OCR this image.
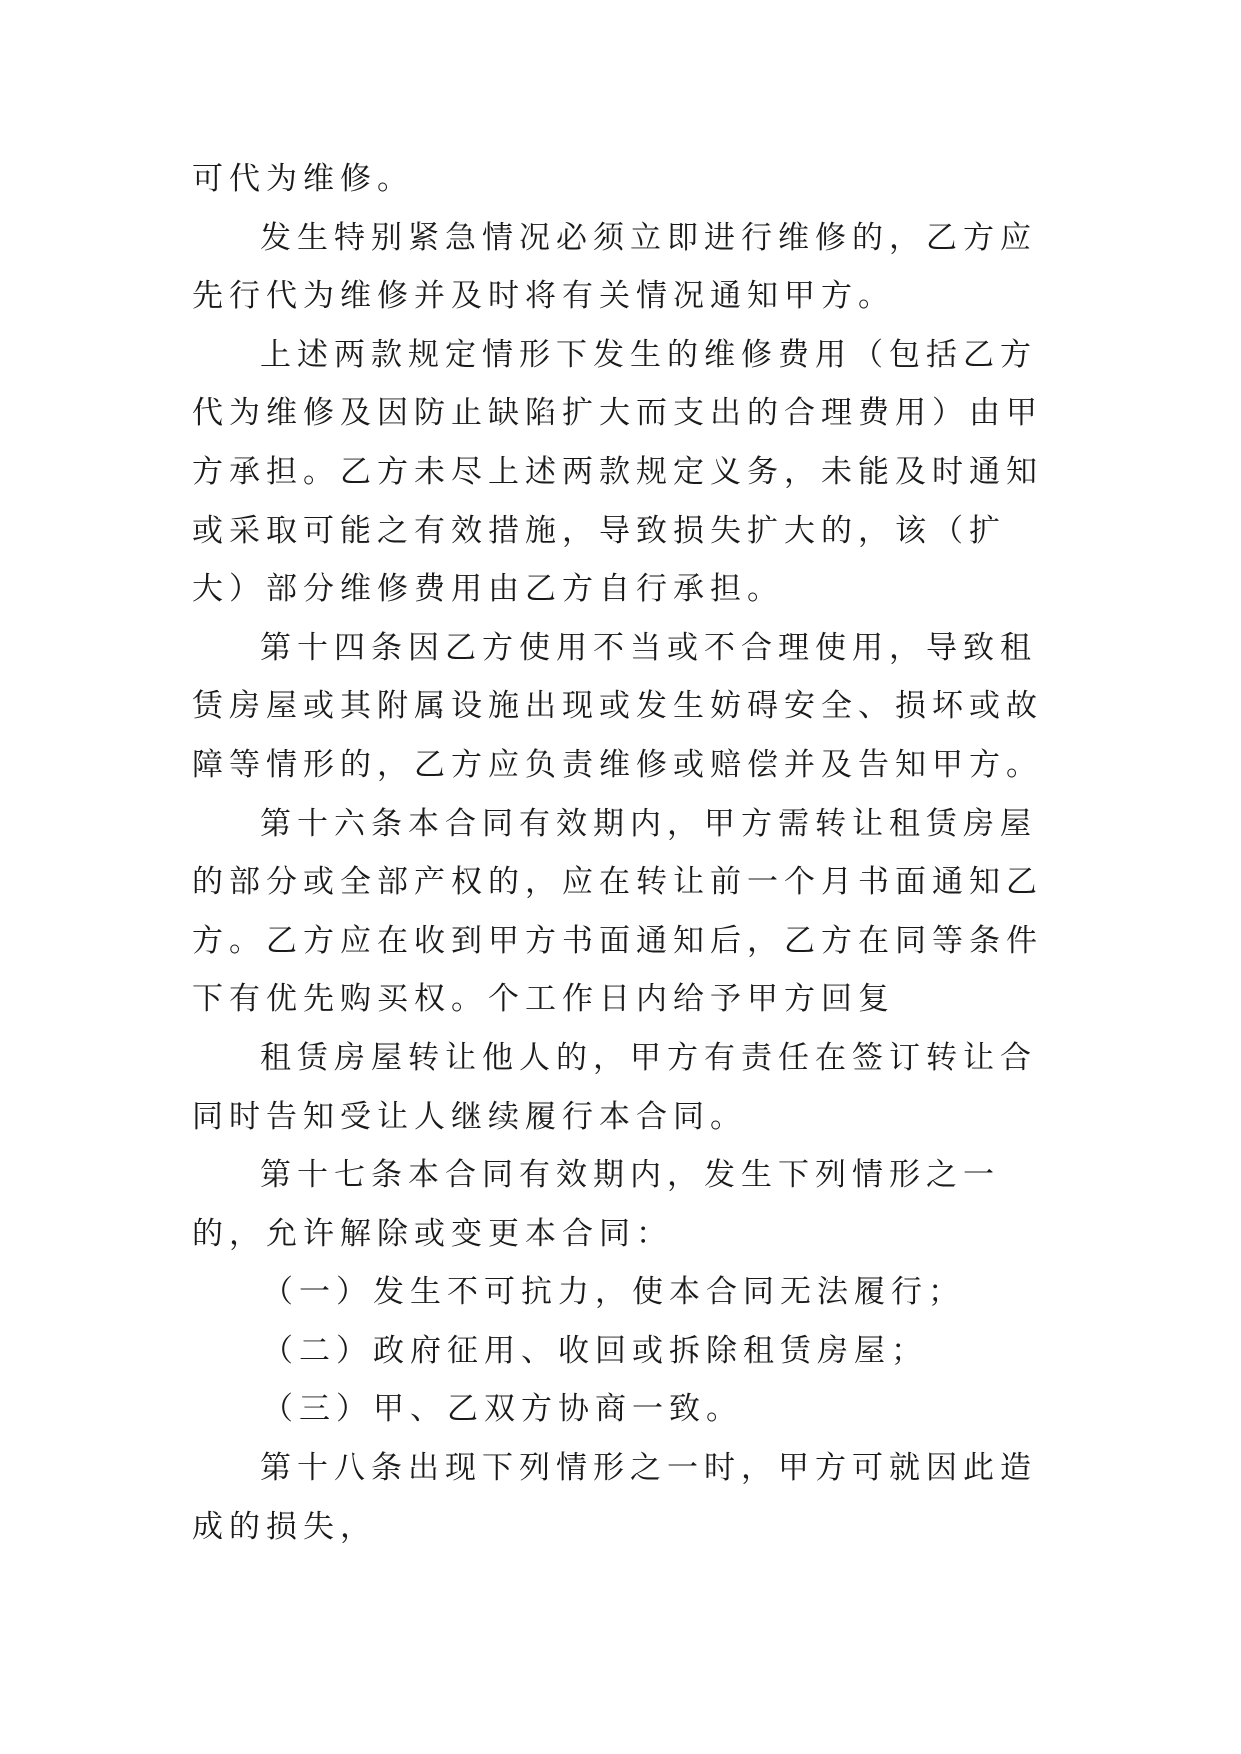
可代为维修。

发生特别紧急情况必须立即进行维修的，乙方应先行代为维修并及时将有关情况通知甲方。

上述两款规定情形下发生的维修费用（包括乙方代为维修及因防止缺陷扩大而支出的合理费用）由甲方承担。乙方未尽上述两款规定义务，未能及时通知或采取可能之有效措施，导致损失扩大的，该（扩大）部分维修费用由乙方自行承担。

第十四条因乙方使用不当或不合理使用，导致租赁房屋或其附属设施出现或发生妨碍安全、损坏或故障等情形的，乙方应负责维修或赔偿并及告知甲方。

第十六条本合同有效期内，甲方需转让租赁房屋的部分或全部产权的，应在转让前一个月书面通知乙方。乙方应在收到甲方书面通知后，乙方在同等条件下有优先购买权。个工作日内给予甲方回复

租赁房屋转让他人的，甲方有责任在签订转让合同时告知受让人继续履行本合同。

第十七条本合同有效期内，发生下列情形之一的，允许解除或变更本合同：

（一）发生不可抗力，使本合同无法履行；

（二）政府征用、收回或拆除租赁房屋；

（三）甲、乙双方协商一致。

第十八条出现下列情形之一时，甲方可就因此造成的损失，
